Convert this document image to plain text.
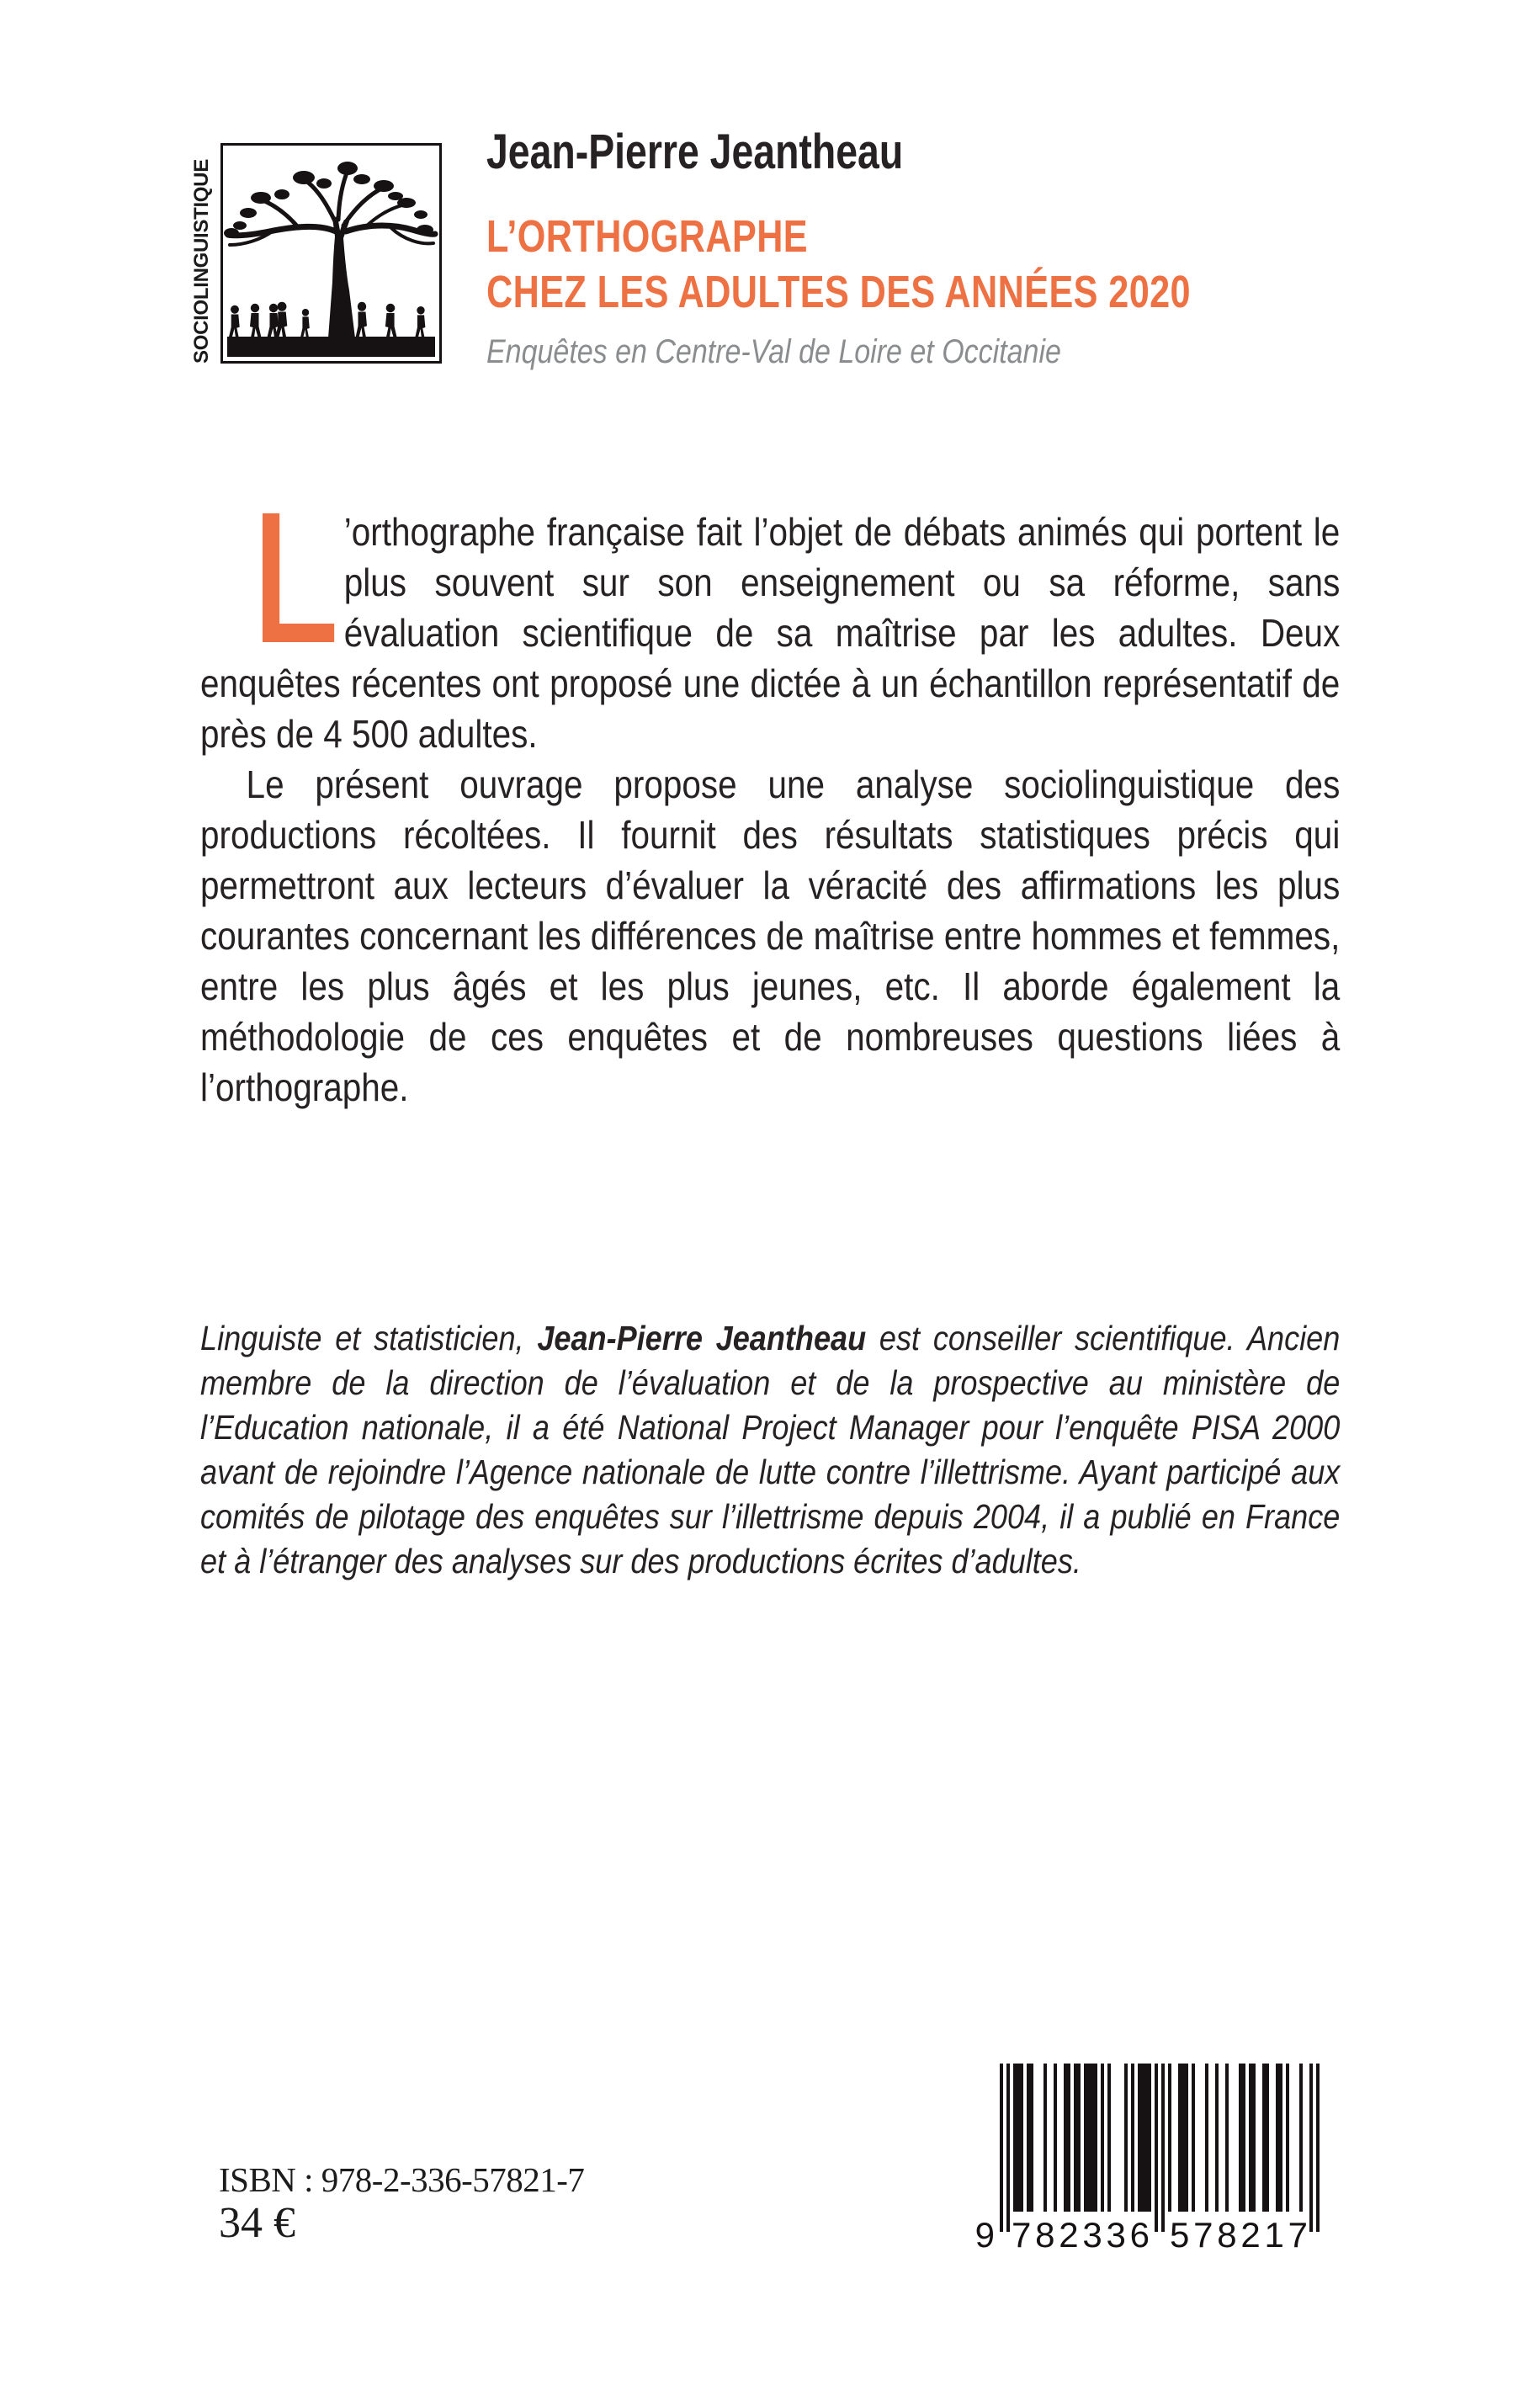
SOCIOLINGUISTIQUE
Jean-Pierre Jeantheau
L’ORTHOGRAPHE
CHEZ LES ADULTES DES ANNÉES 2020
Enquêtes en Centre-Val de Loire et Occitanie

’orthographe française fait l’objet de débats animés qui portent le plus souvent sur son enseignement ou sa réforme, sans évaluation scientifique de sa maîtrise par les adultes. Deux enquêtes récentes ont proposé une dictée à un échantillon représentatif de près de 4 500 adultes.

Le présent ouvrage propose une analyse sociolinguistique des productions récoltées. Il fournit des résultats statistiques précis qui permettront aux lecteurs d’évaluer la véracité des affirmations les plus courantes concernant les différences de maîtrise entre hommes et femmes, entre les plus âgés et les plus jeunes, etc. Il aborde également la méthodologie de ces enquêtes et de nombreuses questions liées à l’orthographe.

Linguiste et statisticien, Jean-Pierre Jeantheau est conseiller scientifique. Ancien membre de la direction de l’évaluation et de la prospective au ministère de l’Education nationale, il a été National Project Manager pour l’enquête PISA 2000 avant de rejoindre l’Agence nationale de lutte contre l’illettrisme. Ayant participé aux comités de pilotage des enquêtes sur l’illettrisme depuis 2004, il a publié en France et à l’étranger des analyses sur des productions écrites d’adultes.

ISBN : 978-2-336-57821-7
34 €	9 7 8 2 3 3 6 5 7 8 2 1 7
